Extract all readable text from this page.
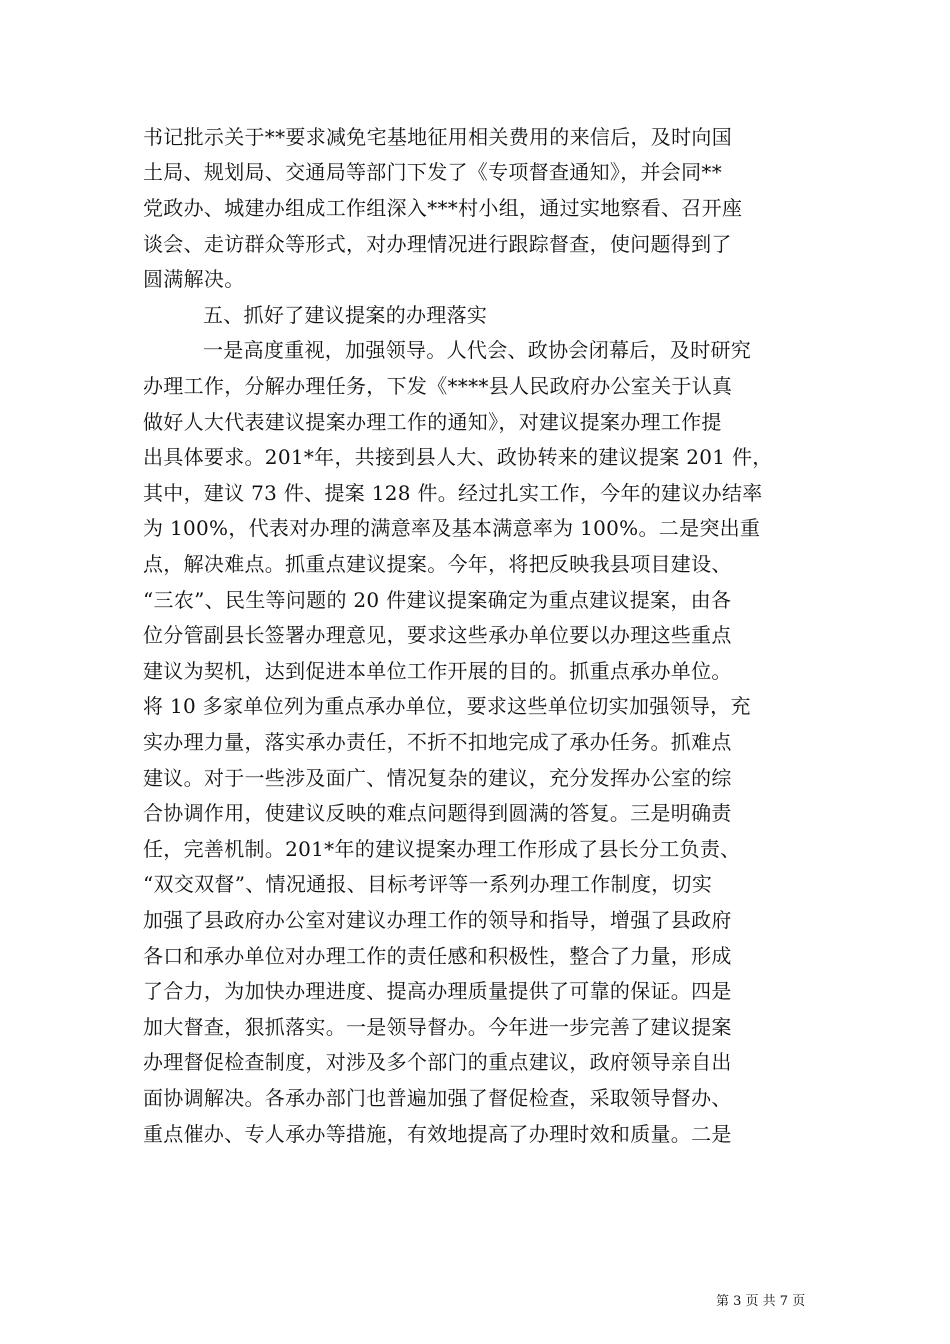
书记批示关于**要求减免宅基地征用相关费用的来信后，及时向国
土局、规划局、交通局等部门下发了《专项督查通知》，并会同**
党政办、城建办组成工作组深入***村小组，通过实地察看、召开座
谈会、走访群众等形式，对办理情况进行跟踪督查，使问题得到了
圆满解决。
五、抓好了建议提案的办理落实
一是高度重视，加强领导。人代会、政协会闭幕后，及时研究
办理工作，分解办理任务，下发《****县人民政府办公室关于认真
做好人大代表建议提案办理工作的通知》，对建议提案办理工作提
出具体要求。201*年，共接到县人大、政协转来的建议提案 201 件，
其中，建议 73 件、提案 128 件。经过扎实工作，今年的建议办结率
为 100%，代表对办理的满意率及基本满意率为 100%。二是突出重
点，解决难点。抓重点建议提案。今年，将把反映我县项目建设、
“三农”、民生等问题的 20 件建议提案确定为重点建议提案，由各
位分管副县长签署办理意见，要求这些承办单位要以办理这些重点
建议为契机，达到促进本单位工作开展的目的。抓重点承办单位。
将 10 多家单位列为重点承办单位，要求这些单位切实加强领导，充
实办理力量，落实承办责任，不折不扣地完成了承办任务。抓难点
建议。对于一些涉及面广、情况复杂的建议，充分发挥办公室的综
合协调作用，使建议反映的难点问题得到圆满的答复。三是明确责
任，完善机制。201*年的建议提案办理工作形成了县长分工负责、
“双交双督”、情况通报、目标考评等一系列办理工作制度，切实
加强了县政府办公室对建议办理工作的领导和指导，增强了县政府
各口和承办单位对办理工作的责任感和积极性，整合了力量，形成
了合力，为加快办理进度、提高办理质量提供了可靠的保证。四是
加大督查，狠抓落实。一是领导督办。今年进一步完善了建议提案
办理督促检查制度，对涉及多个部门的重点建议，政府领导亲自出
面协调解决。各承办部门也普遍加强了督促检查，采取领导督办、
重点催办、专人承办等措施，有效地提高了办理时效和质量。二是
第 3 页 共 7 页
